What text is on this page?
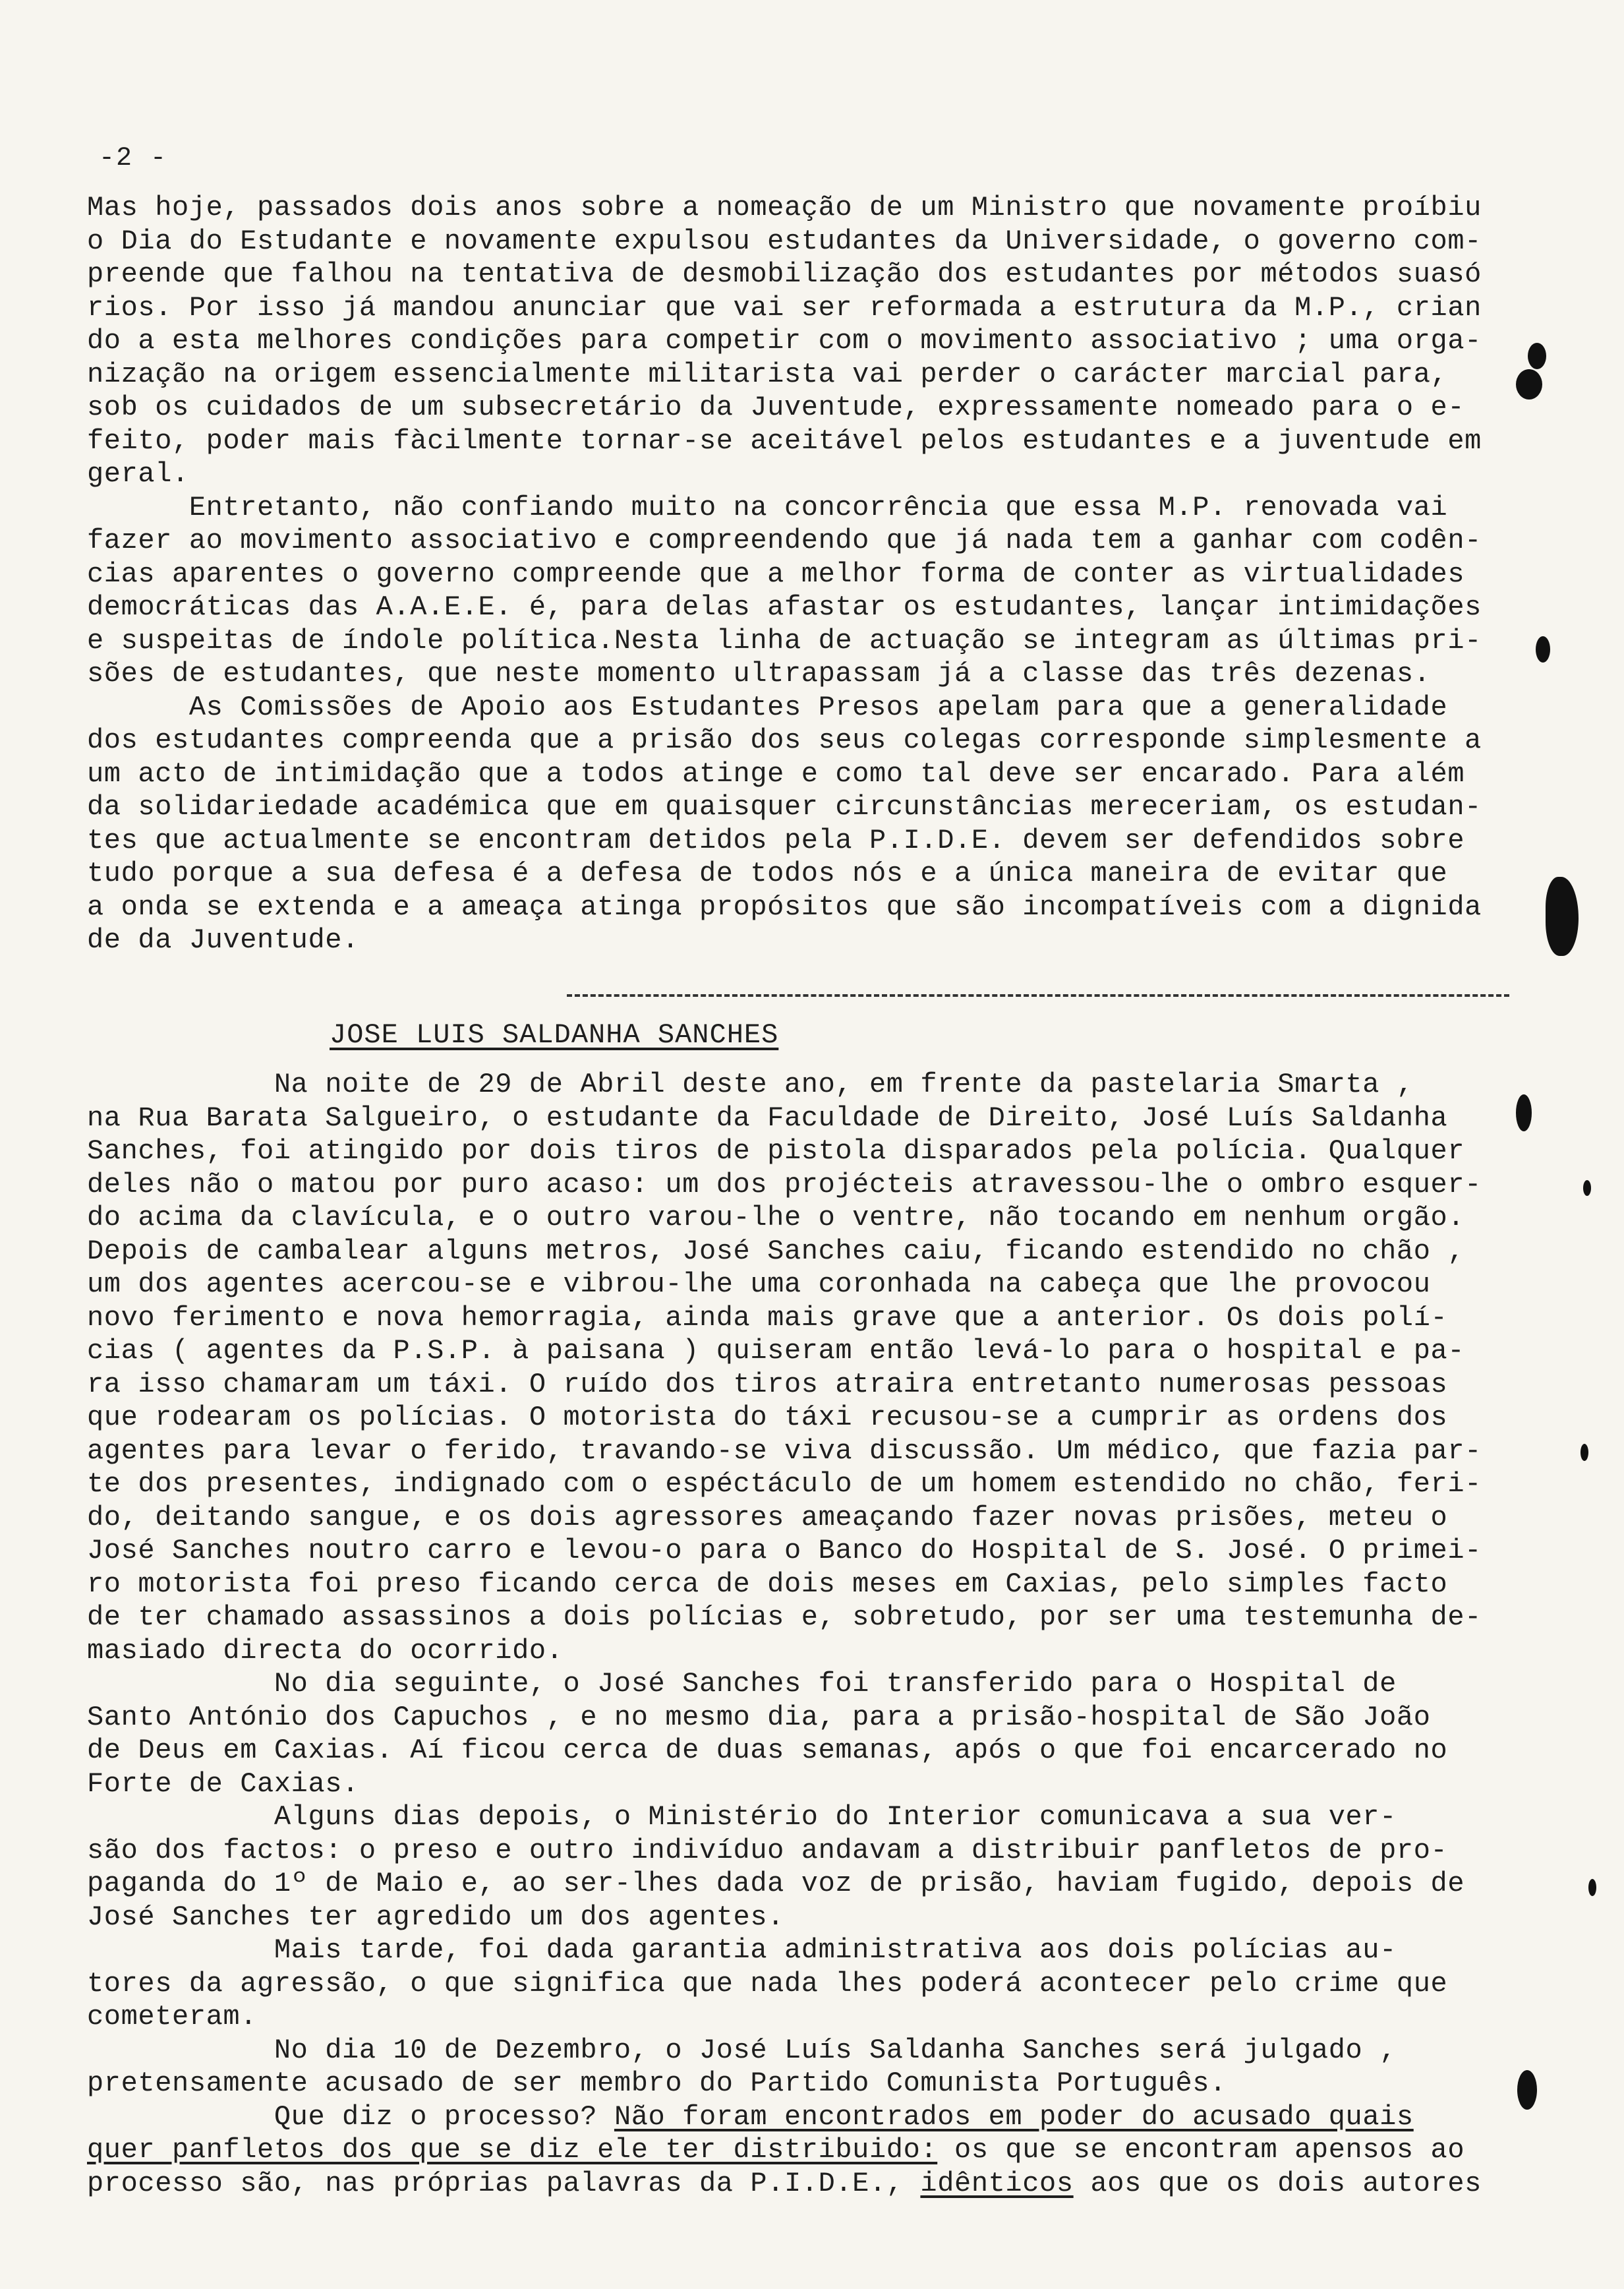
-2 -
Mas hoje, passados dois anos sobre a nomeação de um Ministro que novamente proíbiu
o Dia do Estudante e novamente expulsou estudantes da Universidade, o governo com-
preende que falhou na tentativa de desmobilização dos estudantes por métodos suasó
rios. Por isso já mandou anunciar que vai ser reformada a estrutura da M.P., crian
do a esta melhores condições para competir com o movimento associativo ; uma orga-
nização na origem essencialmente militarista vai perder o carácter marcial para,
sob os cuidados de um subsecretário da Juventude, expressamente nomeado para o e-
feito, poder mais fàcilmente tornar-se aceitável pelos estudantes e a juventude em
geral.
Entretanto, não confiando muito na concorrência que essa M.P. renovada vai
fazer ao movimento associativo e compreendendo que já nada tem a ganhar com codên-
cias aparentes o governo compreende que a melhor forma de conter as virtualidades
democráticas das A.A.E.E. é, para delas afastar os estudantes, lançar intimidações
e suspeitas de índole política.Nesta linha de actuação se integram as últimas pri-
sões de estudantes, que neste momento ultrapassam já a classe das três dezenas.
As Comissões de Apoio aos Estudantes Presos apelam para que a generalidade
dos estudantes compreenda que a prisão dos seus colegas corresponde simplesmente a
um acto de intimidação que a todos atinge e como tal deve ser encarado. Para além
da solidariedade académica que em quaisquer circunstâncias mereceriam, os estudan-
tes que actualmente se encontram detidos pela P.I.D.E. devem ser defendidos sobre
tudo porque a sua defesa é a defesa de todos nós e a única maneira de evitar que
a onda se extenda e a ameaça atinga propósitos que são incompatíveis com a dignida
de da Juventude.
JOSE LUIS SALDANHA SANCHES
Na noite de 29 de Abril deste ano, em frente da pastelaria Smarta ,
na Rua Barata Salgueiro, o estudante da Faculdade de Direito, José Luís Saldanha
Sanches, foi atingido por dois tiros de pistola disparados pela polícia. Qualquer
deles não o matou por puro acaso: um dos projécteis atravessou-lhe o ombro esquer-
do acima da clavícula, e o outro varou-lhe o ventre, não tocando em nenhum orgão.
Depois de cambalear alguns metros, José Sanches caiu, ficando estendido no chão ,
um dos agentes acercou-se e vibrou-lhe uma coronhada na cabeça que lhe provocou
novo ferimento e nova hemorragia, ainda mais grave que a anterior. Os dois polí-
cias ( agentes da P.S.P. à paisana ) quiseram então levá-lo para o hospital e pa-
ra isso chamaram um táxi. O ruído dos tiros atraira entretanto numerosas pessoas
que rodearam os polícias. O motorista do táxi recusou-se a cumprir as ordens dos
agentes para levar o ferido, travando-se viva discussão. Um médico, que fazia par-
te dos presentes, indignado com o espéctáculo de um homem estendido no chão, feri-
do, deitando sangue, e os dois agressores ameaçando fazer novas prisões, meteu o
José Sanches noutro carro e levou-o para o Banco do Hospital de S. José. O primei-
ro motorista foi preso ficando cerca de dois meses em Caxias, pelo simples facto
de ter chamado assassinos a dois polícias e, sobretudo, por ser uma testemunha de-
masiado directa do ocorrido.
No dia seguinte, o José Sanches foi transferido para o Hospital de
Santo António dos Capuchos , e no mesmo dia, para a prisão-hospital de São João
de Deus em Caxias. Aí ficou cerca de duas semanas, após o que foi encarcerado no
Forte de Caxias.
Alguns dias depois, o Ministério do Interior comunicava a sua ver-
são dos factos: o preso e outro indivíduo andavam a distribuir panfletos de pro-
paganda do 1º de Maio e, ao ser-lhes dada voz de prisão, haviam fugido, depois de
José Sanches ter agredido um dos agentes.
Mais tarde, foi dada garantia administrativa aos dois polícias au-
tores da agressão, o que significa que nada lhes poderá acontecer pelo crime que
cometeram.
No dia 10 de Dezembro, o José Luís Saldanha Sanches será julgado ,
pretensamente acusado de ser membro do Partido Comunista Português.
Que diz o processo? Não foram encontrados em poder do acusado quais
quer panfletos dos que se diz ele ter distribuido: os que se encontram apensos ao
processo são, nas próprias palavras da P.I.D.E., idênticos aos que os dois autores
